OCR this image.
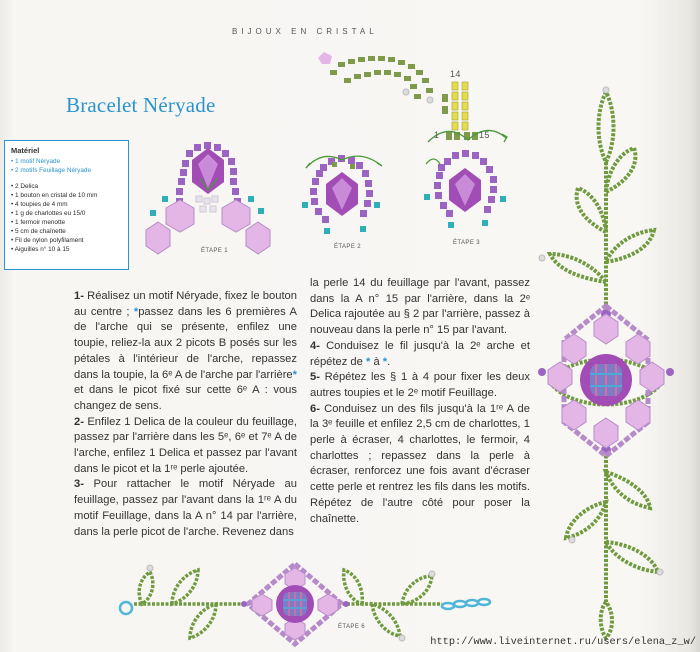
BIJOUX EN CRISTAL
Bracelet Néryade
Matériel
• 1 motif Néryade
• 2 motifs Feuillage Néryade
• 2 Delica
• 1 bouton en cristal de 10 mm
• 4 toupies de 4 mm
• 1 g de charlottes eu 15/0
• 1 fermoir menotte
• 5 cm de chaînette
• Fil de nylon polyfilament
• Aiguilles n° 10 à 15	ÉTAPE 1
ÉTAPE 2
ÉTAPE 3
14
1	15
ÉTAPE 6

1- Réalisez un motif Néryade, fixez le bouton au centre ; *passez dans les 6 premières A de l'arche qui se présente, enfilez une toupie, reliez-la aux 2 picots B posés sur les pétales à l'intérieur de l'arche, repassez dans la toupie, la 6ᵉ A de l'arche par l'arrière* et dans le picot fixé sur cette 6ᵉ A : vous changez de sens.

2- Enfilez 1 Delica de la couleur du feuillage, passez par l'arrière dans les 5ᵉ, 6ᵉ et 7ᵉ A de l'arche, enfilez 1 Delica et passez par l'avant dans le picot et la 1ʳᵉ perle ajoutée.

3- Pour rattacher le motif Néryade au feuillage, passez par l'avant dans la 1ʳᵉ A du motif Feuillage, dans la A n° 14 par l'arrière, dans la perle picot de l'arche. Revenez dans

la perle 14 du feuillage par l'avant, passez dans la A n° 15 par l'arrière, dans la 2ᵉ Delica rajoutée au § 2 par l'arrière, passez à nouveau dans la perle n° 15 par l'avant.

4- Conduisez le fil jusqu'à la 2ᵉ arche et répétez de * à *.

5- Répétez les § 1 à 4 pour fixer les deux autres toupies et le 2ᵉ motif Feuillage.

6- Conduisez un des fils jusqu'à la 1ʳᵉ A de la 3ᵉ feuille et enfilez 2,5 cm de charlottes, 1 perle à écraser, 4 charlottes, le fermoir, 4 charlottes ; repassez dans la perle à écraser, renforcez une fois avant d'écraser cette perle et rentrez les fils dans les motifs. Répétez de l'autre côté pour poser la chaînette.

http://www.liveinternet.ru/users/elena_z_w/
